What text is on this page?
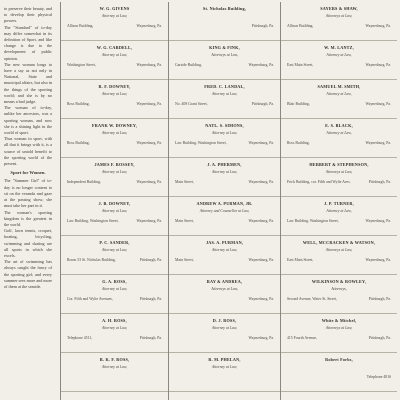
to preserve their beauty, and to develop their physical powers.

The "Standard" of to-day may differ somewhat in its definition of Sport, and like change is due to the development of public opinion.

The new woman longs to have a say as not only in National, State and municipal affairs, but also in the things of the sporting world; and she is by no means a bad judge.

The woman of to-day, unlike her ancestors, was a sporting woman, and now she is a shining light in the world of sport.

Thus woman in sport, with all that it brings with it, is a source of untold benefit to the sporting world of the present.

Sport for Women.

The "Summer Girl" of to-day is no longer content to sit on the veranda and gaze at the passing show; she must take her part in it.

The woman's sporting kingdom is the greatest in the world.

Golf, lawn tennis, croquet, boating, bicycling, swimming and skating are all sports in which she excels.

The art of swimming has always caught the fancy of the sporting girl; and every summer sees more and more of them at the seaside.

W. G. GIVENS
Attorney at Law,
Allison Building,	Waynesburg, Pa.
W. G. CARDELL,
Attorney at Law,
Washington Street,	Waynesburg, Pa.
R. F. DOWNEY,
Attorney at Law,
Ross Building,	Waynesburg, Pa.
FRANK W. DOWNEY,
Attorney at Law,
Ross Building,	Waynesburg, Pa.
JAMES F. ROSSEY,
Attorney at Law,
Independent Building,	Waynesburg, Pa.
J. B. DOWNEY,
Attorney at Law,
Law Building, Washington Street,	Waynesburg, Pa.
P. C. SANDER,
Attorney at Law,
Room 53 St. Nicholas Building,	Pittsburgh, Pa.
G. A. ROSS,
Attorney at Law,
Cor. Fifth and Wylie Avenues,	Pittsburgh, Pa.
A. H. ROSS,
Attorney at Law,
Telephone 4511,	Pittsburgh, Pa.
R. K. F. ROSS,
Attorney at Law,
St. Nicholas Building,
Pittsburgh, Pa.
KING & FINK,
Attorneys at Law,
Garside Building,	Waynesburg, Pa.
FRED. C. LANDAL,
Attorney at Law,
No. 408 Grant Street,	Pittsburgh, Pa.
NATL. S. SIMONS,
Attorney at Law,
Law Building, Washington Street,	Waynesburg, Pa.
J. A. PHERMEN,
Attorney at Law,
Main Street,	Waynesburg, Pa.
ANDREW A. PURMAN, JR.
Attorney and Counsellor at Law,
Main Street,	Waynesburg, Pa.
JAS. A. PURMAN,
Attorney at Law,
Main Street,	Waynesburg, Pa.
RAY & ANDREA,
Attorneys at Law,
Waynesburg, Pa.
D. J. ROSS,
Attorney at Law,
Waynesburg, Pa.
R. M. PHELAN,
Attorney at Law,
SAYERS & SHAW,
Attorneys at Law,
Allison Building,	Waynesburg, Pa.
W. M. LANTZ,
Attorney at Law,
East Main Street,	Waynesburg, Pa.
SAMUEL M. SMITH,
Attorney at Law,
Blair Building,	Waynesburg, Pa.
E. S. BLACK,
Attorney at Law,
Ross Building,	Waynesburg, Pa.
HERBERT & STEPHENSON,
Attorneys at Law,
Frick Building, cor. Fifth and Wylie Aves.	Pittsburgh, Pa.
J. P. TURNER,
Attorney at Law,
Law Building, Washington Street,	Waynesburg, Pa.
WELL, MCCRACKEN & WATSON,
Attorneys at Law,
East Main Street,	Waynesburg, Pa.
WILKINSON & ROWLEY,
Attorneys,
Second Avenue, Water St. Street,	Pittsburgh, Pa.
White & Mitchel,
Attorneys at Law,
415 Fourth Avenue,	Pittsburgh, Pa.
Robert Forbs,
Telephone 4816
